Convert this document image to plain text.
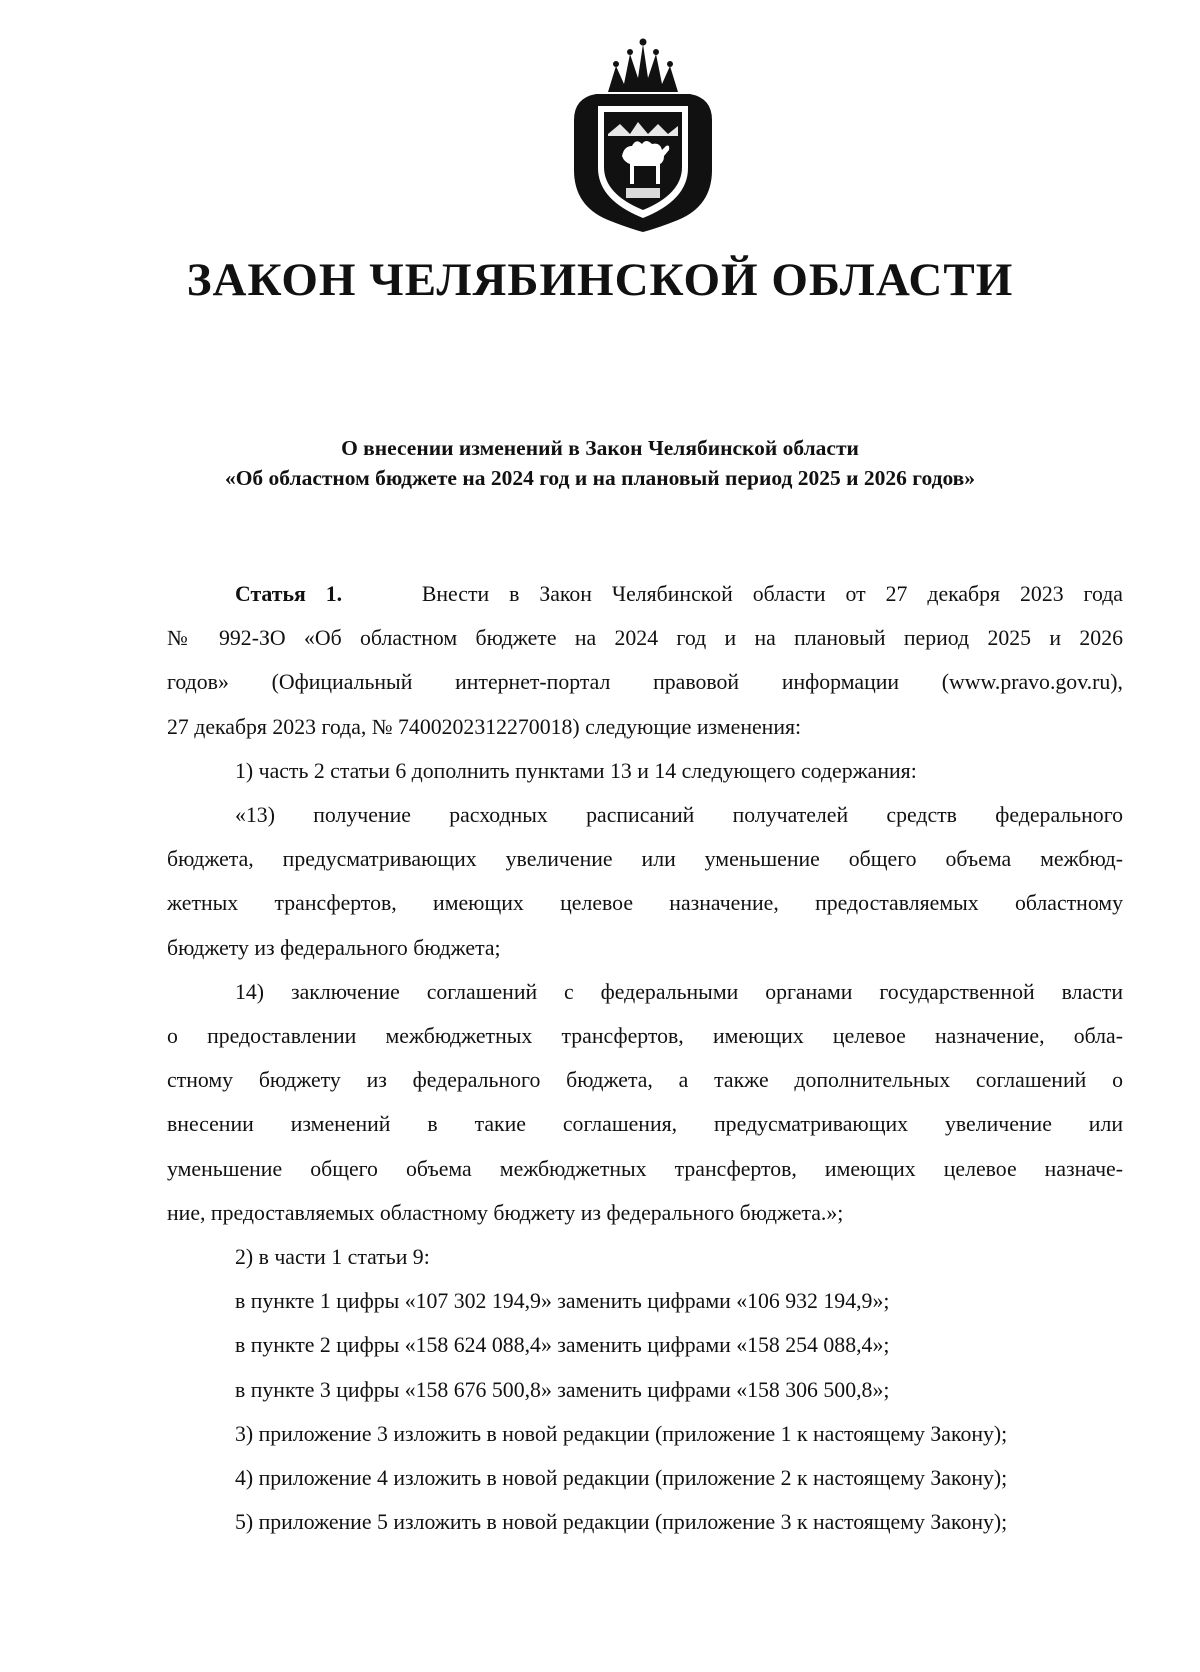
ЗАКОН ЧЕЛЯБИНСКОЙ ОБЛАСТИ
О внесении изменений в Закон Челябинской области
«Об областном бюджете на 2024 год и на плановый период 2025 и 2026 годов»
Статья 1.	Внести в Закон Челябинской области от 27 декабря 2023 года
№ 992-ЗО «Об областном бюджете на 2024 год и на плановый период 2025 и 2026
годов» (Официальный интернет-портал правовой информации (www.pravo.gov.ru),
27 декабря 2023 года, № 7400202312270018) следующие изменения:

1) часть 2 статьи 6 дополнить пунктами 13 и 14 следующего содержания:

«13) получение расходных расписаний получателей средств федерального
бюджета, предусматривающих увеличение или уменьшение общего объема межбюд-
жетных трансфертов, имеющих целевое назначение, предоставляемых областному
бюджету из федерального бюджета;
14) заключение соглашений с федеральными органами государственной власти
о предоставлении межбюджетных трансфертов, имеющих целевое назначение, обла-
стному бюджету из федерального бюджета, а также дополнительных соглашений о
внесении изменений в такие соглашения, предусматривающих увеличение или
уменьшение общего объема межбюджетных трансфертов, имеющих целевое назначе-
ние, предоставляемых областному бюджету из федерального бюджета.»;

2) в части 1 статьи 9:

в пункте 1 цифры «107 302 194,9» заменить цифрами «106 932 194,9»;

в пункте 2 цифры «158 624 088,4» заменить цифрами «158 254 088,4»;

в пункте 3 цифры «158 676 500,8» заменить цифрами «158 306 500,8»;

3) приложение 3 изложить в новой редакции (приложение 1 к настоящему Закону);

4) приложение 4 изложить в новой редакции (приложение 2 к настоящему Закону);

5) приложение 5 изложить в новой редакции (приложение 3 к настоящему Закону);
